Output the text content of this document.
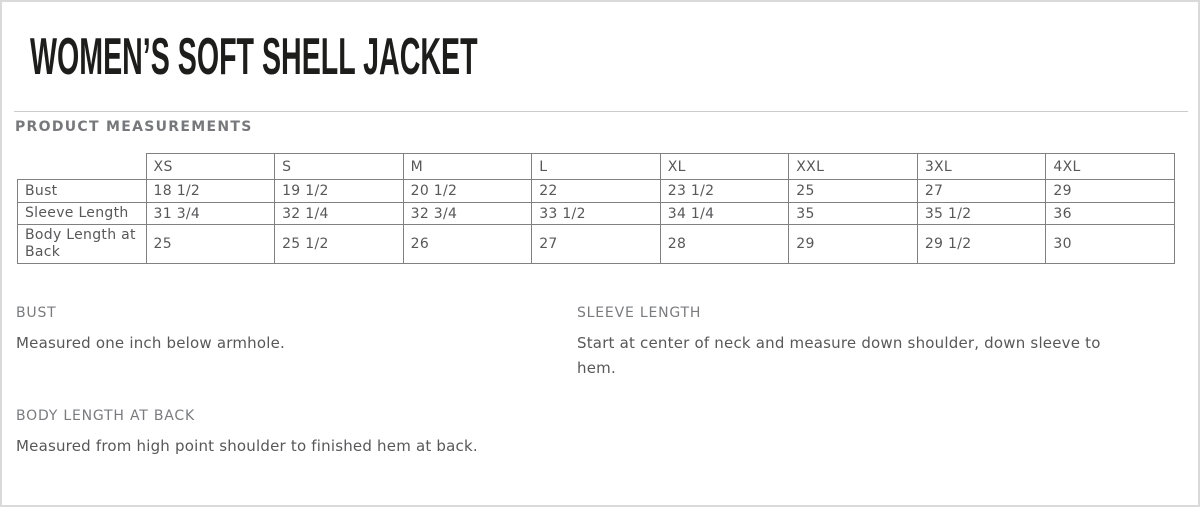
WOMEN’S SOFT SHELL JACKET
PRODUCT MEASUREMENTS
	XS	S	M	L	XL	XXL	3XL	4XL
Bust	18 1/2	19 1/2	20 1/2	22	23 1/2	25	27	29
Sleeve Length	31 3/4	32 1/4	32 3/4	33 1/2	34 1/4	35	35 1/2	36
Body Length at Back	25	25 1/2	26	27	28	29	29 1/2	30
BUST

Measured one inch below armhole.

SLEEVE LENGTH

Start at center of neck and measure down shoulder, down sleeve to hem.

BODY LENGTH AT BACK

Measured from high point shoulder to finished hem at back.
